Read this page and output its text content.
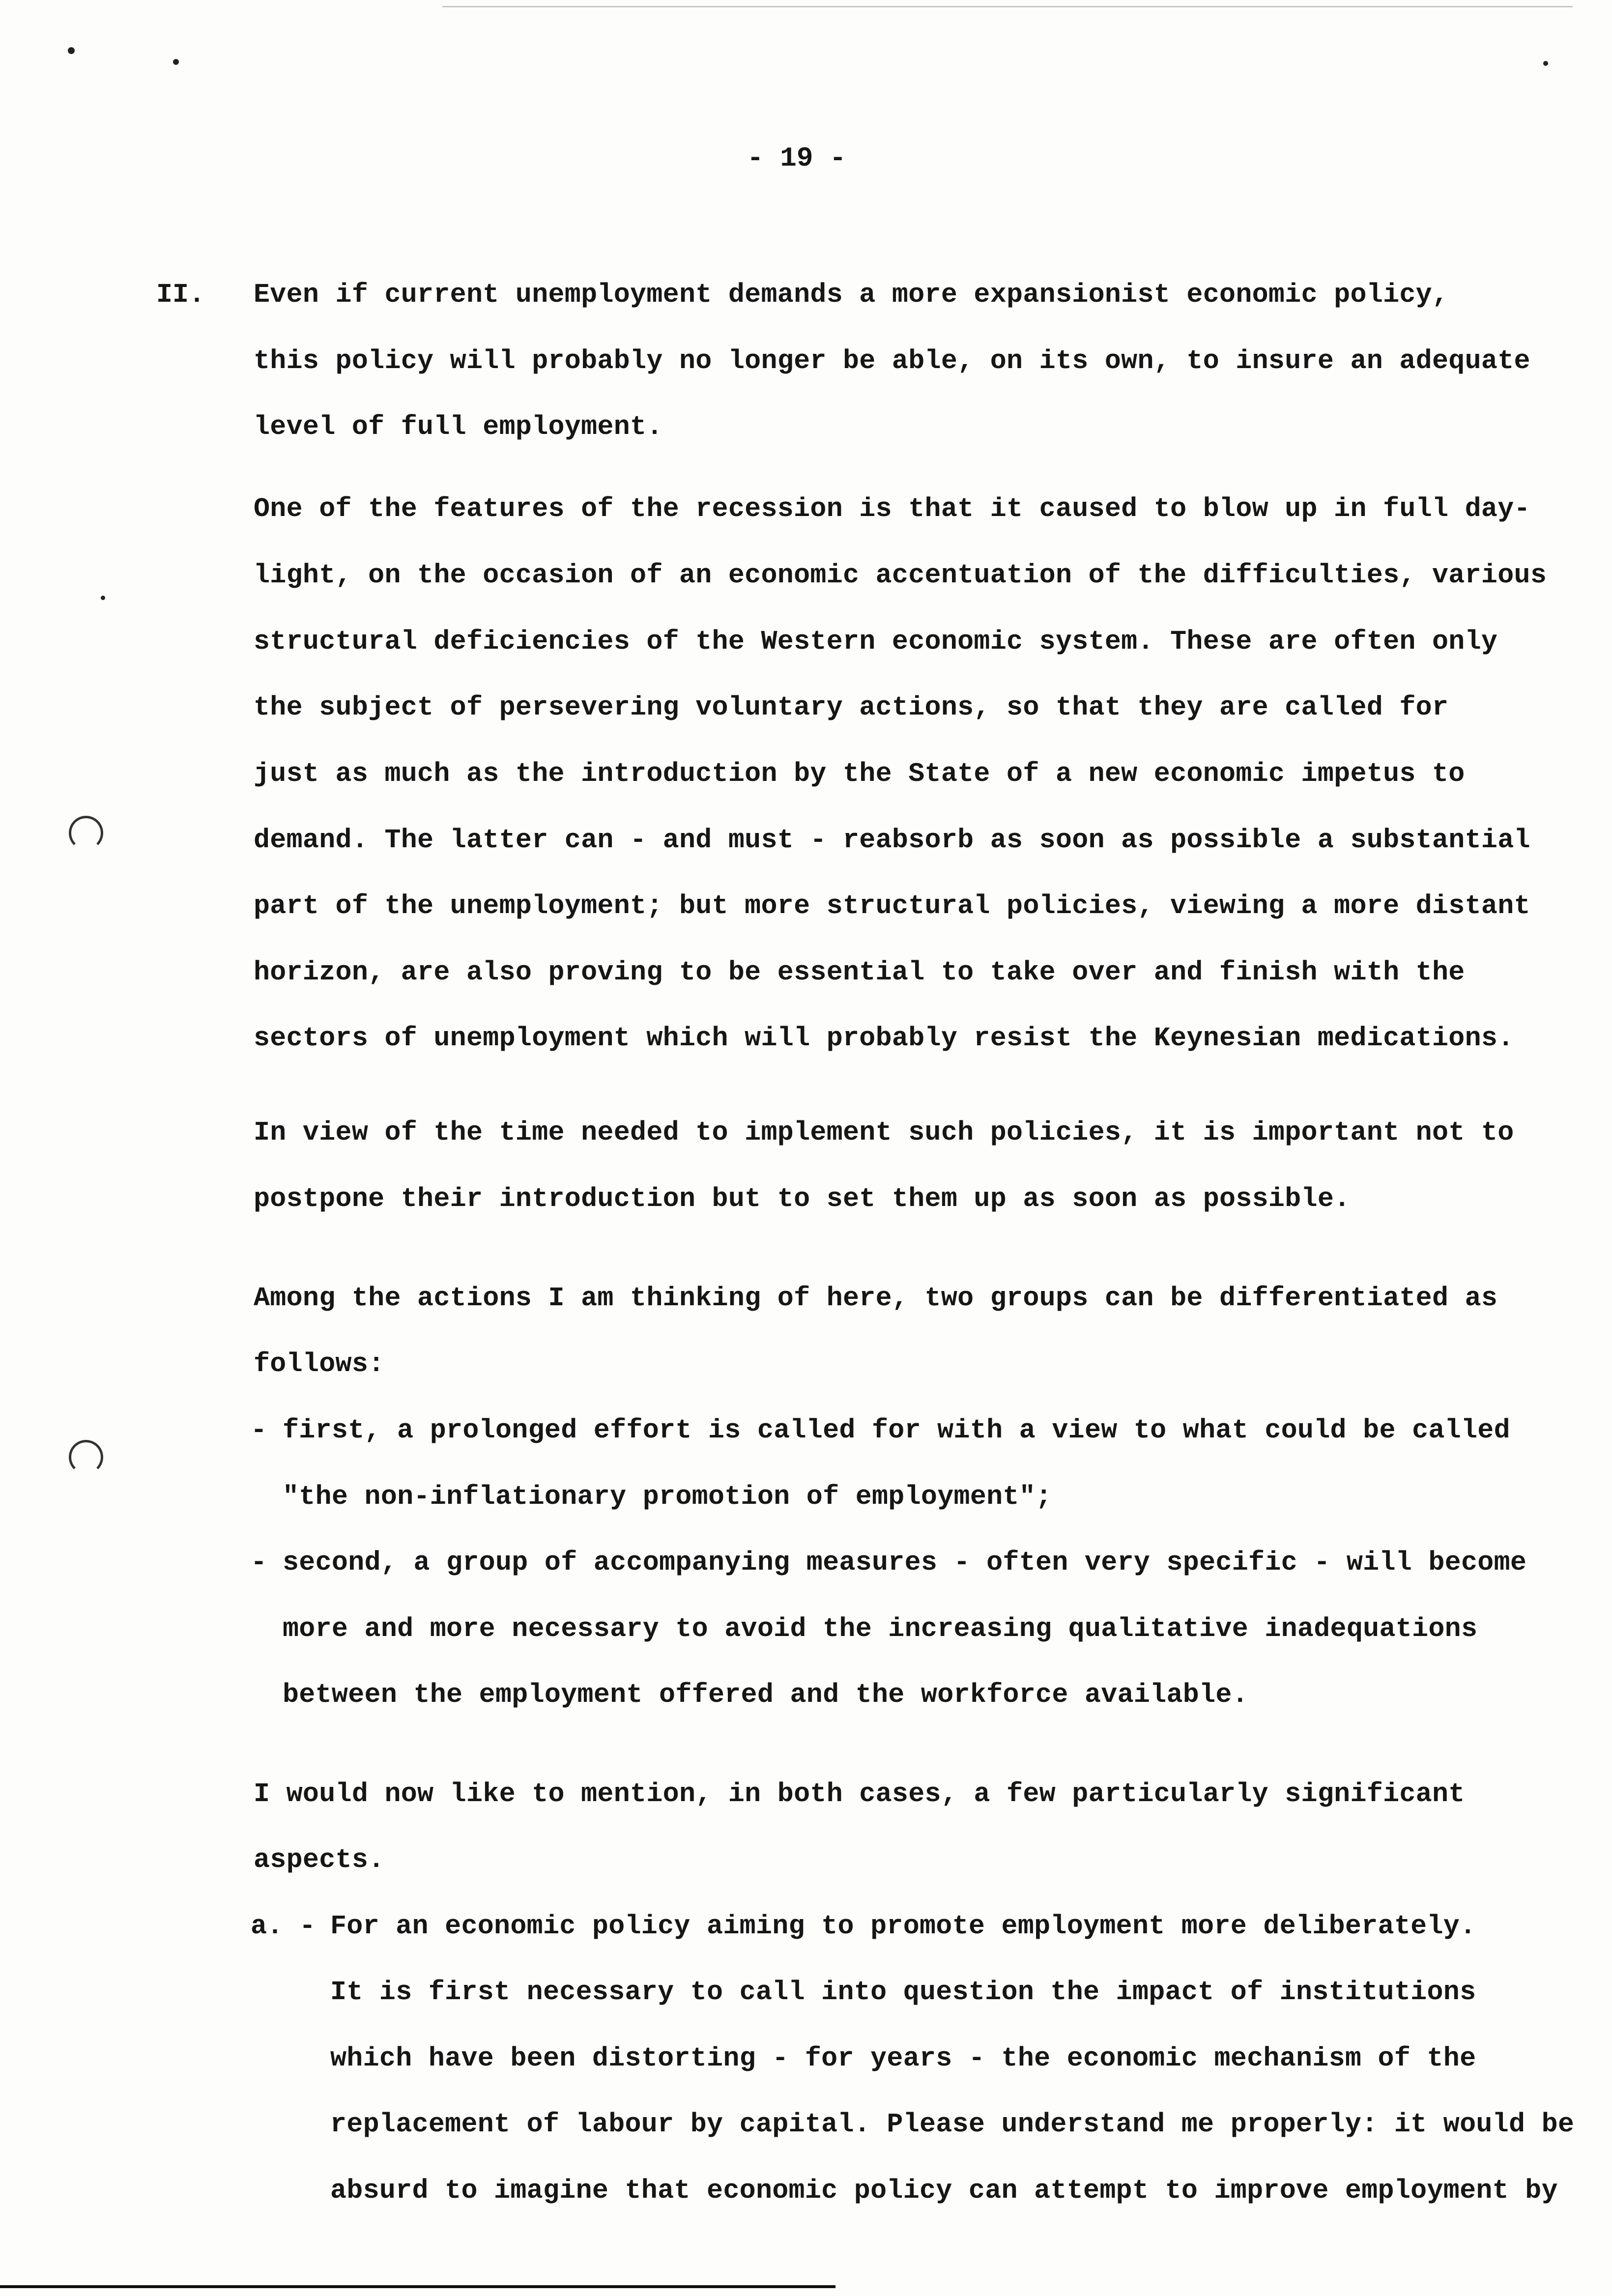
- 19 -
II. Even if current unemployment demands a more expansionist economic policy,
this policy will probably no longer be able, on its own, to insure an adequate
level of full employment.
One of the features of the recession is that it caused to blow up in full day-
light, on the occasion of an economic accentuation of the difficulties, various
structural deficiencies of the Western economic system. These are often only
the subject of persevering voluntary actions, so that they are called for
just as much as the introduction by the State of a new economic impetus to
demand. The latter can - and must - reabsorb as soon as possible a substantial
part of the unemployment; but more structural policies, viewing a more distant
horizon, are also proving to be essential to take over and finish with the
sectors of unemployment which will probably resist the Keynesian medications.
In view of the time needed to implement such policies, it is important not to
postpone their introduction but to set them up as soon as possible.
Among the actions I am thinking of here, two groups can be differentiated as
follows:
- first, a prolonged effort is called for with a view to what could be called
"the non-inflationary promotion of employment";
- second, a group of accompanying measures - often very specific - will become
more and more necessary to avoid the increasing qualitative inadequations
between the employment offered and the workforce available.
I would now like to mention, in both cases, a few particularly significant
aspects.
a. - For an economic policy aiming to promote employment more deliberately.
It is first necessary to call into question the impact of institutions
which have been distorting - for years - the economic mechanism of the
replacement of labour by capital. Please understand me properly: it would be
absurd to imagine that economic policy can attempt to improve employment by
